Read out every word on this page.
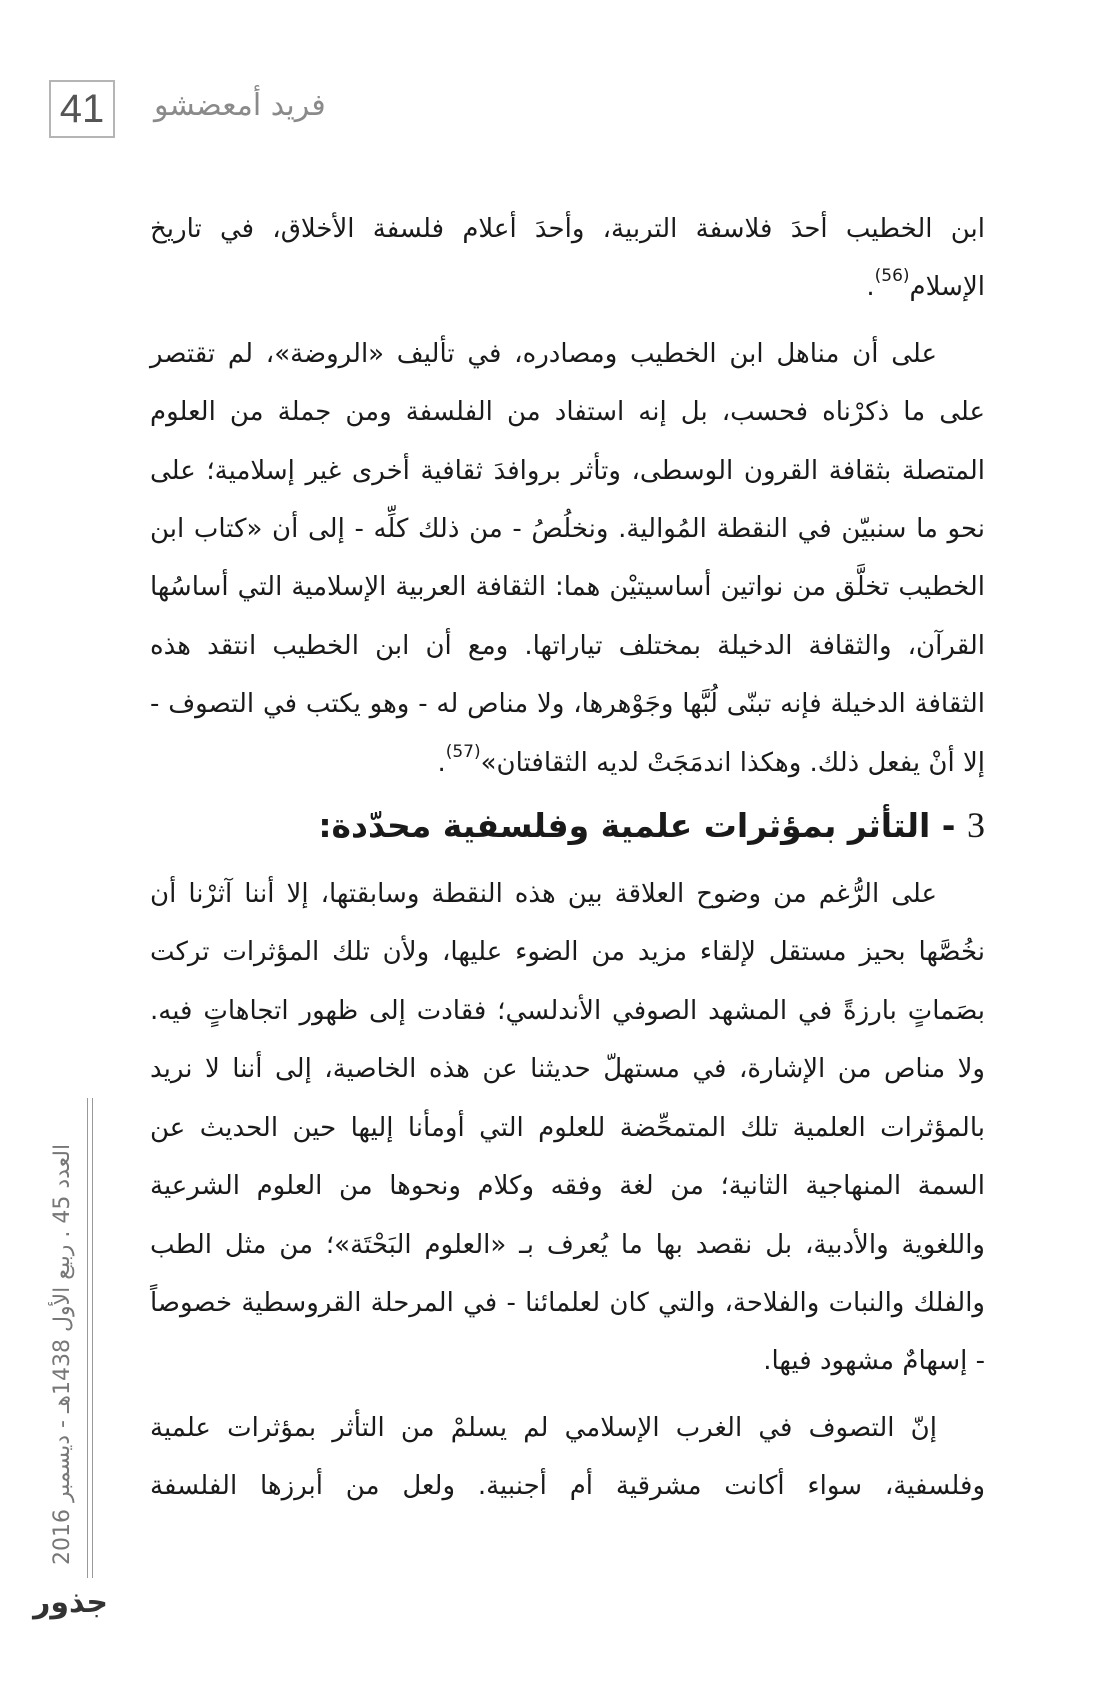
41	فريد أمعضشو

ابن الخطيب أحدَ فلاسفة التربية، وأحدَ أعلام فلسفة الأخلاق، في تاريخ الإسلام$^{(56)}$.

على أن مناهل ابن الخطيب ومصادره، في تأليف «الروضة»، لم تقتصر على ما ذكرْناه فحسب، بل إنه استفاد من الفلسفة ومن جملة من العلوم المتصلة بثقافة القرون الوسطى، وتأثر بروافدَ ثقافية أخرى غير إسلامية؛ على نحو ما سنبيّن في النقطة المُوالية. ونخلُصُ - من ذلك كلِّه - إلى أن «كتاب ابن الخطيب تخلَّق من نواتين أساسيتيْن هما: الثقافة العربية الإسلامية التي أساسُها القرآن، والثقافة الدخيلة بمختلف تياراتها. ومع أن ابن الخطيب انتقد هذه الثقافة الدخيلة فإنه تبنّى لُبَّها وجَوْهرها، ولا مناص له - وهو يكتب في التصوف - إلا أنْ يفعل ذلك. وهكذا اندمَجَتْ لديه الثقافتان»$^{(57)}$.

3 - التأثر بمؤثرات علمية وفلسفية محدّدة:

على الرُّغم من وضوح العلاقة بين هذه النقطة وسابقتها، إلا أننا آثرْنا أن نخُصَّها بحيز مستقل لإلقاء مزيد من الضوء عليها، ولأن تلك المؤثرات تركت بصَماتٍ بارزةً في المشهد الصوفي الأندلسي؛ فقادت إلى ظهور اتجاهاتٍ فيه. ولا مناص من الإشارة، في مستهلّ حديثنا عن هذه الخاصية، إلى أننا لا نريد بالمؤثرات العلمية تلك المتمحِّضة للعلوم التي أومأنا إليها حين الحديث عن السمة المنهاجية الثانية؛ من لغة وفقه وكلام ونحوها من العلوم الشرعية واللغوية والأدبية، بل نقصد بها ما يُعرف بـ «العلوم البَحْتَة»؛ من مثل الطب والفلك والنبات والفلاحة، والتي كان لعلمائنا - في المرحلة القروسطية خصوصاً - إسهامٌ مشهود فيها.

إنّ التصوف في الغرب الإسلامي لم يسلمْ من التأثر بمؤثرات علمية وفلسفية، سواء أكانت مشرقية أم أجنبية. ولعل من أبرزها الفلسفة

العدد 45 . ربيع الأول 1438هـ - ديسمبر 2016
جذور
